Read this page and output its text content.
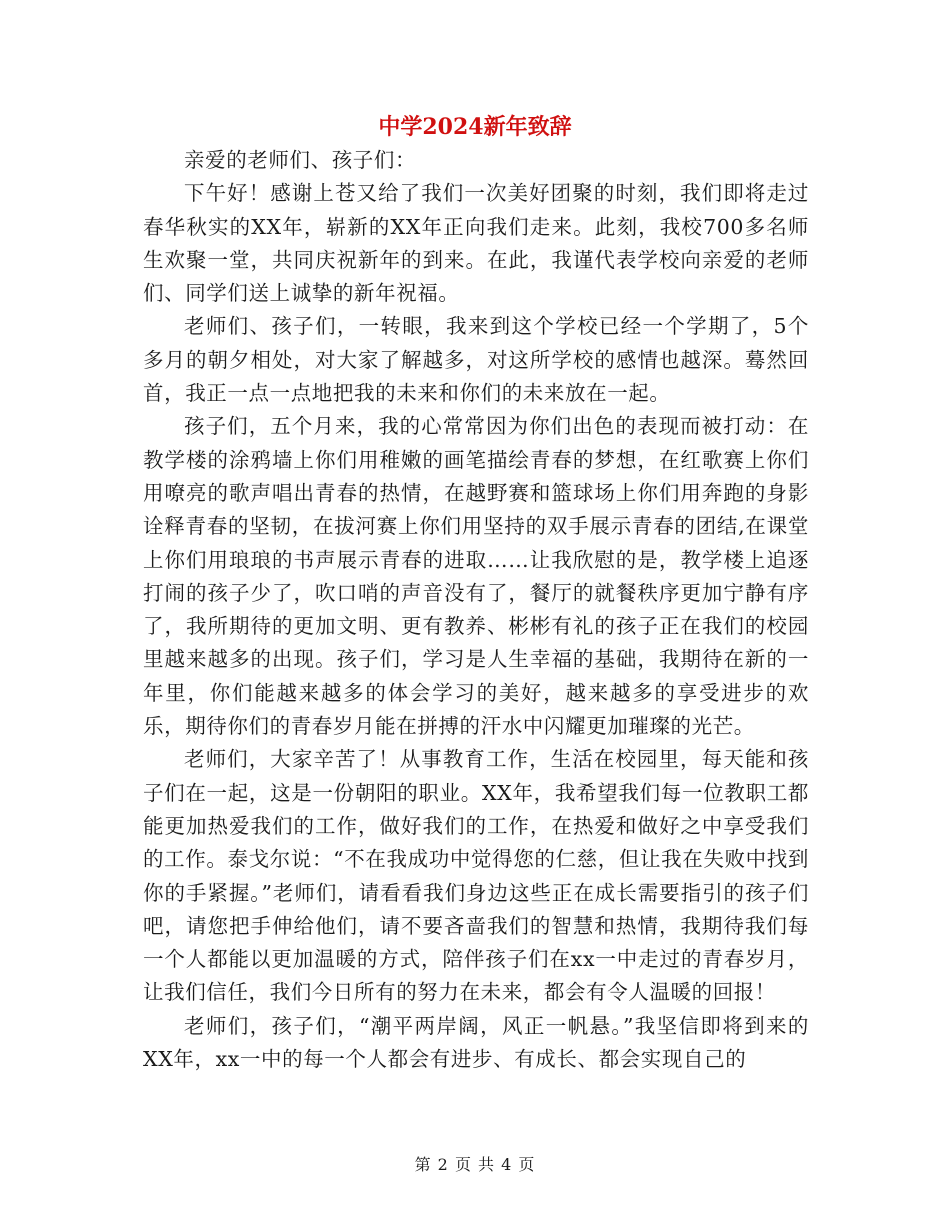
中学2024新年致辞

亲爱的老师们、孩子们：

下午好！感谢上苍又给了我们一次美好团聚的时刻，我们即将走过春华秋实的XX年，崭新的XX年正向我们走来。此刻，我校700多名师生欢聚一堂，共同庆祝新年的到来。在此，我谨代表学校向亲爱的老师们、同学们送上诚挚的新年祝福。

老师们、孩子们，一转眼，我来到这个学校已经一个学期了，5个多月的朝夕相处，对大家了解越多，对这所学校的感情也越深。蓦然回首，我正一点一点地把我的未来和你们的未来放在一起。

孩子们，五个月来，我的心常常因为你们出色的表现而被打动：在教学楼的涂鸦墙上你们用稚嫩的画笔描绘青春的梦想，在红歌赛上你们用嘹亮的歌声唱出青春的热情，在越野赛和篮球场上你们用奔跑的身影诠释青春的坚韧，在拔河赛上你们用坚持的双手展示青春的团结,在课堂上你们用琅琅的书声展示青春的进取……让我欣慰的是，教学楼上追逐打闹的孩子少了，吹口哨的声音没有了，餐厅的就餐秩序更加宁静有序了，我所期待的更加文明、更有教养、彬彬有礼的孩子正在我们的校园里越来越多的出现。孩子们，学习是人生幸福的基础，我期待在新的一年里，你们能越来越多的体会学习的美好，越来越多的享受进步的欢乐，期待你们的青春岁月能在拼搏的汗水中闪耀更加璀璨的光芒。

老师们，大家辛苦了！从事教育工作，生活在校园里，每天能和孩子们在一起，这是一份朝阳的职业。XX年，我希望我们每一位教职工都能更加热爱我们的工作，做好我们的工作，在热爱和做好之中享受我们的工作。泰戈尔说：“不在我成功中觉得您的仁慈，但让我在失败中找到你的手紧握。”老师们，请看看我们身边这些正在成长需要指引的孩子们吧，请您把手伸给他们，请不要吝啬我们的智慧和热情，我期待我们每一个人都能以更加温暖的方式，陪伴孩子们在xx一中走过的青春岁月，让我们信任，我们今日所有的努力在未来，都会有令人温暖的回报！

老师们，孩子们，“潮平两岸阔，风正一帆悬。”我坚信即将到来的XX年，xx一中的每一个人都会有进步、有成长、都会实现自己的

第 2 页 共 4 页
